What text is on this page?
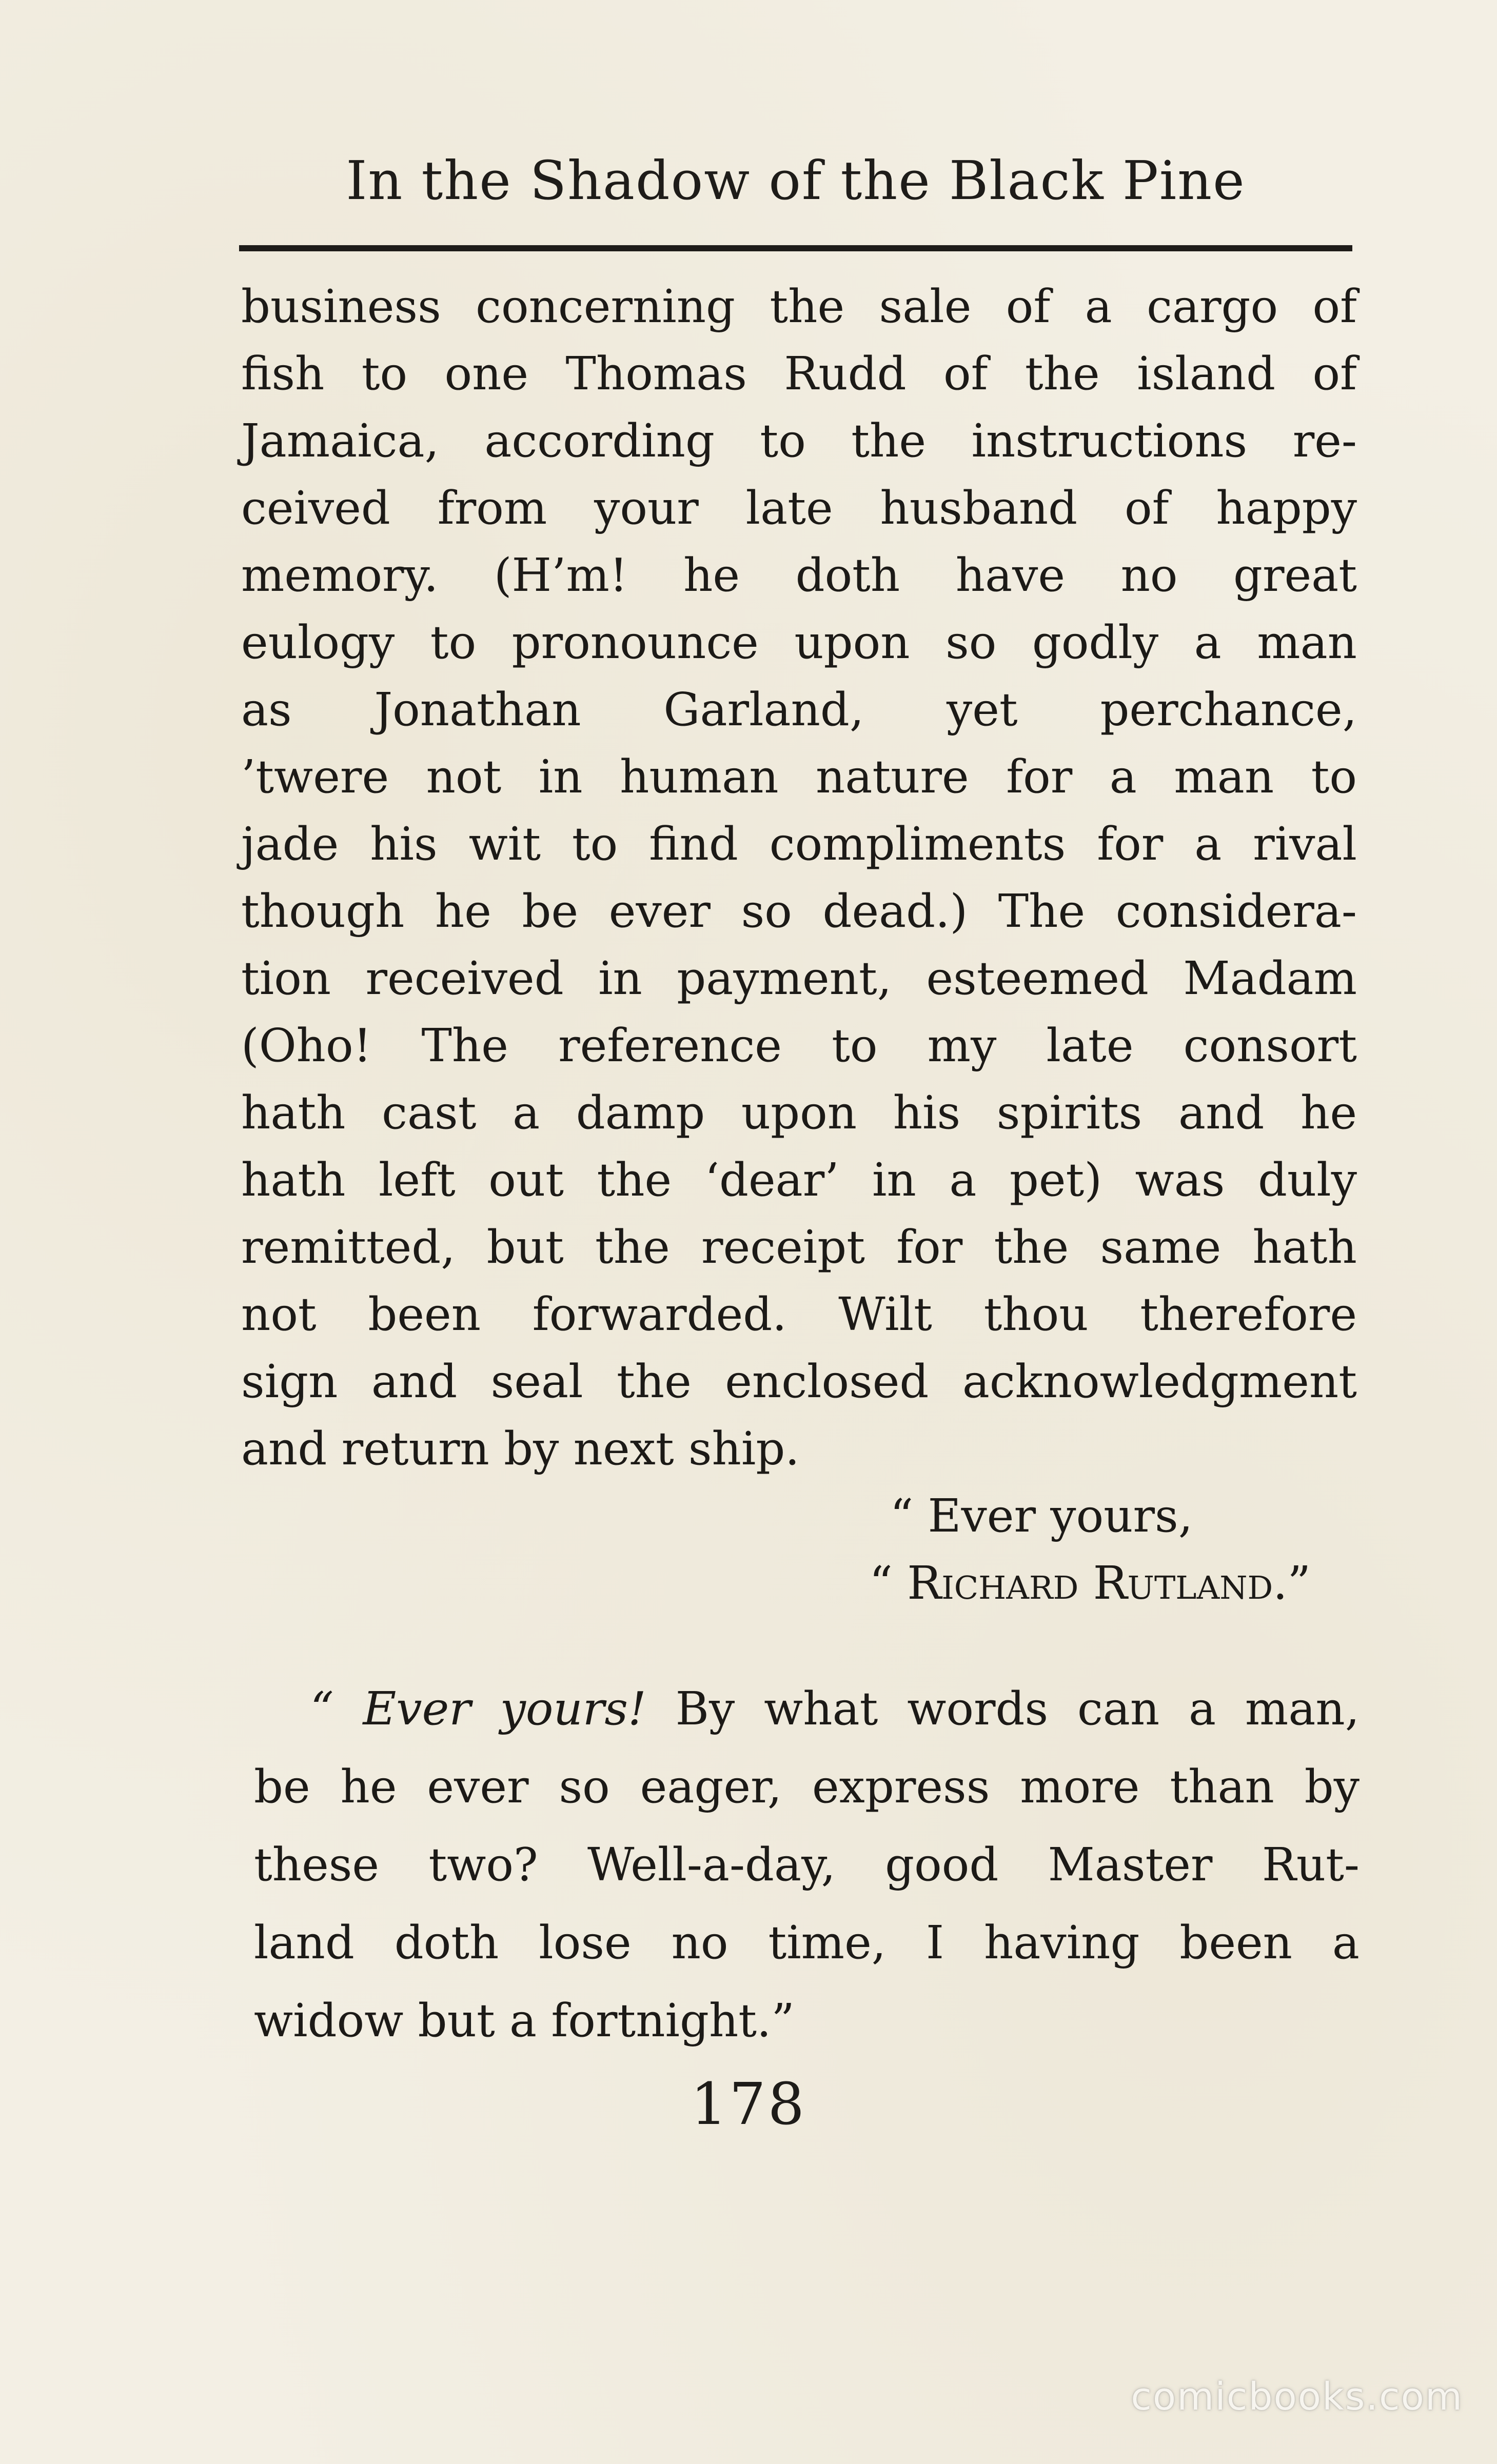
In the Shadow of the Black Pine
business concerning the sale of a cargo of
fish to one Thomas Rudd of the island of
Jamaica, according to the instructions re-
ceived from your late husband of happy
memory. (H’m! he doth have no great
eulogy to pronounce upon so godly a man
as Jonathan Garland, yet perchance,
’twere not in human nature for a man to
jade his wit to find compliments for a rival
though he be ever so dead.) The considera-
tion received in payment, esteemed Madam
(Oho! The reference to my late consort
hath cast a damp upon his spirits and he
hath left out the ‘dear’ in a pet) was duly
remitted, but the receipt for the same hath
not been forwarded. Wilt thou therefore
sign and seal the enclosed acknowledgment
and return by next ship.
“ Ever yours,
“ Richard Rutland.”
“ Ever yours! By what words can a man,
be he ever so eager, express more than by
these two? Well-a-day, good Master Rut-
land doth lose no time, I having been a
widow but a fortnight.”
178
comicbooks.com
